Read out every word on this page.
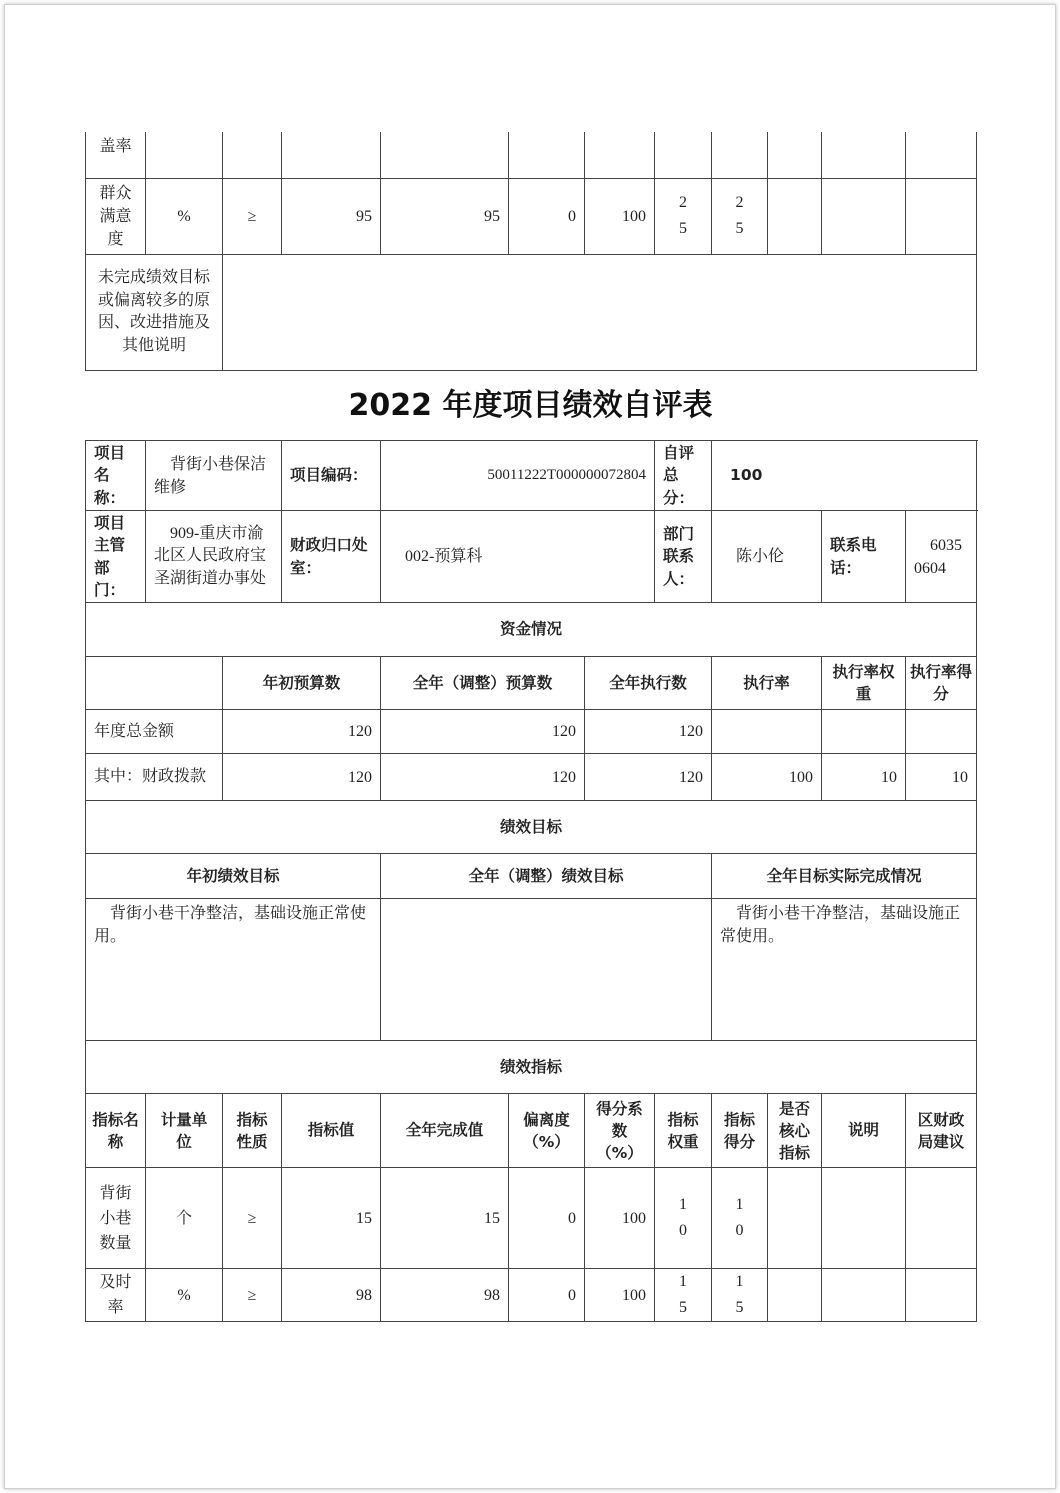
盖率											
群众满意度	%	≥	95	95	0	100	25	25			

未完成绩效目标或偏离较多的原因、改进措施及其他说明											
2022 年度项目绩效自评表
项目名称：	背街小巷保洁维修		项目编码：	50011222T000000072804			自评总分：	100			
项目主管部门：	909-重庆市渝北区人民政府宝圣湖街道办事处		财政归口处室：	002-预算科			部门联系人：	陈小伦		联系电话：	60350604
资金情况											
		年初预算数		全年（调整）预算数		全年执行数		执行率		执行率权重	执行率得分
年度总金额		120		120		120					
其中：财政拨款		120		120		120		100		10	10
绩效目标											
年初绩效目标				全年（调整）绩效目标				全年目标实际完成情况			
背街小巷干净整洁，基础设施正常使用。								背街小巷干净整洁，基础设施正常使用。			
绩效指标											
指标名称	计量单位	指标性质	指标值	全年完成值	偏离度（%）	得分系数（%）	指标权重	指标得分	是否核心指标	说明	区财政局建议
背街小巷数量	个	≥	15	15	0	100	10	10			

及时率	%	≥	98	98	0	100	15	15			
